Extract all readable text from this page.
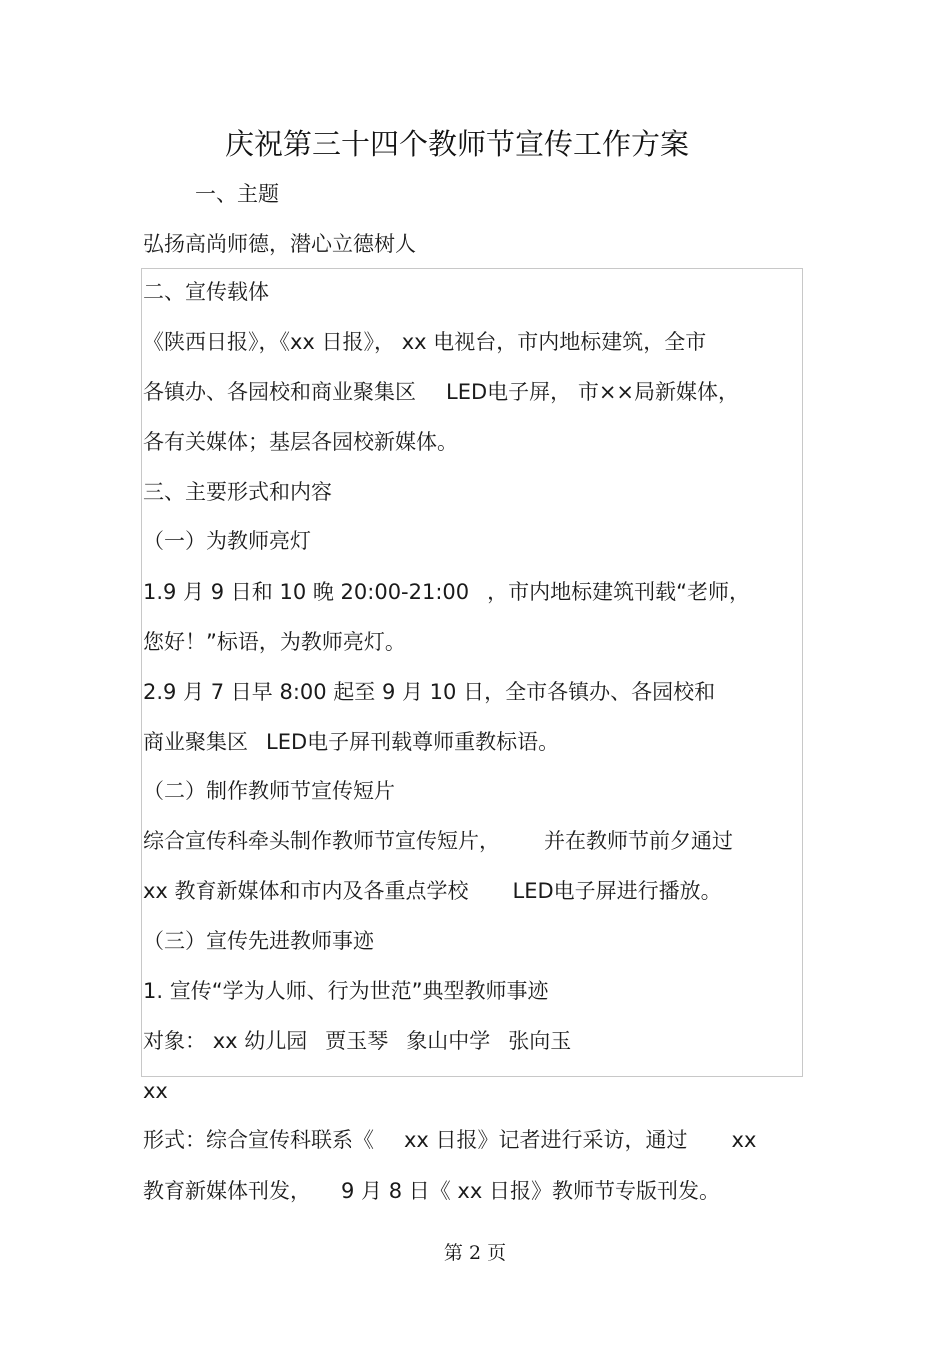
庆祝第三十四个教师节宣传工作方案
一、主题
弘扬高尚师德，潜心立德树人
二、宣传载体
《陕西日报》，《xx 日报》， xx 电视台，市内地标建筑，全市
各镇办、各园校和商业聚集区 LED电子屏， 市××局新媒体，
各有关媒体；基层各园校新媒体。
三、主要形式和内容
（一）为教师亮灯
1.9 月 9 日和 10 晚 20:00-21:00 ，市内地标建筑刊载“老师，
您好！”标语，为教师亮灯。
2.9 月 7 日早 8:00 起至 9 月 10 日，全市各镇办、各园校和
商业聚集区 LED电子屏刊载尊师重教标语。
（二）制作教师节宣传短片
综合宣传科牵头制作教师节宣传短片， 并在教师节前夕通过
xx 教育新媒体和市内及各重点学校 LED电子屏进行播放。
（三）宣传先进教师事迹
1. 宣传“学为人师、行为世范”典型教师事迹
对象： xx 幼儿园 贾玉琴 象山中学 张向玉
xx
形式：综合宣传科联系《 xx 日报》记者进行采访，通过 xx
教育新媒体刊发， 9 月 8 日《 xx 日报》教师节专版刊发。
第 2 页
